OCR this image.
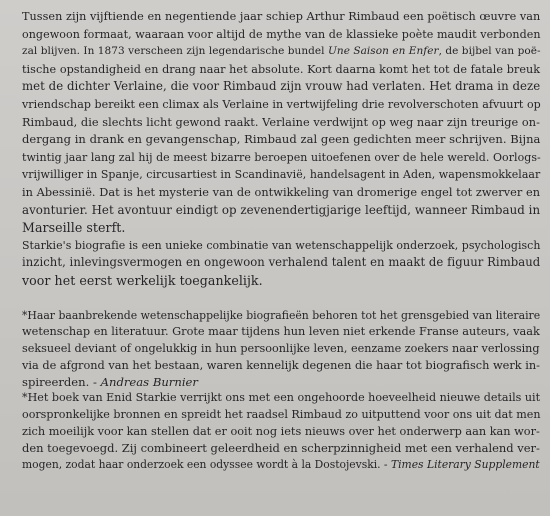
Tussen zijn vijftiende en negentiende jaar schiep Arthur Rimbaud een poëtisch œuvre van
ongewoon formaat, waaraan voor altijd de mythe van de klassieke poète maudit verbonden
zal blijven. In 1873 verscheen zijn legendarische bundel Une Saison en Enfer, de bijbel van poë-
tische opstandigheid en drang naar het absolute. Kort daarna komt het tot de fatale breuk
met de dichter Verlaine, die voor Rimbaud zijn vrouw had verlaten. Het drama in deze
vriendschap bereikt een climax als Verlaine in vertwijfeling drie revolverschoten afvuurt op
Rimbaud, die slechts licht gewond raakt. Verlaine verdwijnt op weg naar zijn treurige on-
dergang in drank en gevangenschap, Rimbaud zal geen gedichten meer schrijven. Bijna
twintig jaar lang zal hij de meest bizarre beroepen uitoefenen over de hele wereld. Oorlogs-
vrijwilliger in Spanje, circusartiest in Scandinavië, handelsagent in Aden, wapensmokkelaar
in Abessinië. Dat is het mysterie van de ontwikkeling van dromerige engel tot zwerver en
avonturier. Het avontuur eindigt op zevenendertigjarige leeftijd, wanneer Rimbaud in
Marseille sterft.

Starkie's biografie is een unieke combinatie van wetenschappelijk onderzoek, psychologisch
inzicht, inlevingsvermogen en ongewoon verhalend talent en maakt de figuur Rimbaud
voor het eerst werkelijk toegankelijk.

*Haar baanbrekende wetenschappelijke biografieën behoren tot het grensgebied van literaire
wetenschap en literatuur. Grote maar tijdens hun leven niet erkende Franse auteurs, vaak
seksueel deviant of ongelukkig in hun persoonlijke leven, eenzame zoekers naar verlossing
via de afgrond van het bestaan, waren kennelijk degenen die haar tot biografisch werk in-
spireerden. - Andreas Burnier

*Het boek van Enid Starkie verrijkt ons met een ongehoorde hoeveelheid nieuwe details uit
oorspronkelijke bronnen en spreidt het raadsel Rimbaud zo uitputtend voor ons uit dat men
zich moeilijk voor kan stellen dat er ooit nog iets nieuws over het onderwerp aan kan wor-
den toegevoegd. Zij combineert geleerdheid en scherpzinnigheid met een verhalend ver-
mogen, zodat haar onderzoek een odyssee wordt à la Dostojevski. - Times Literary Supplement
